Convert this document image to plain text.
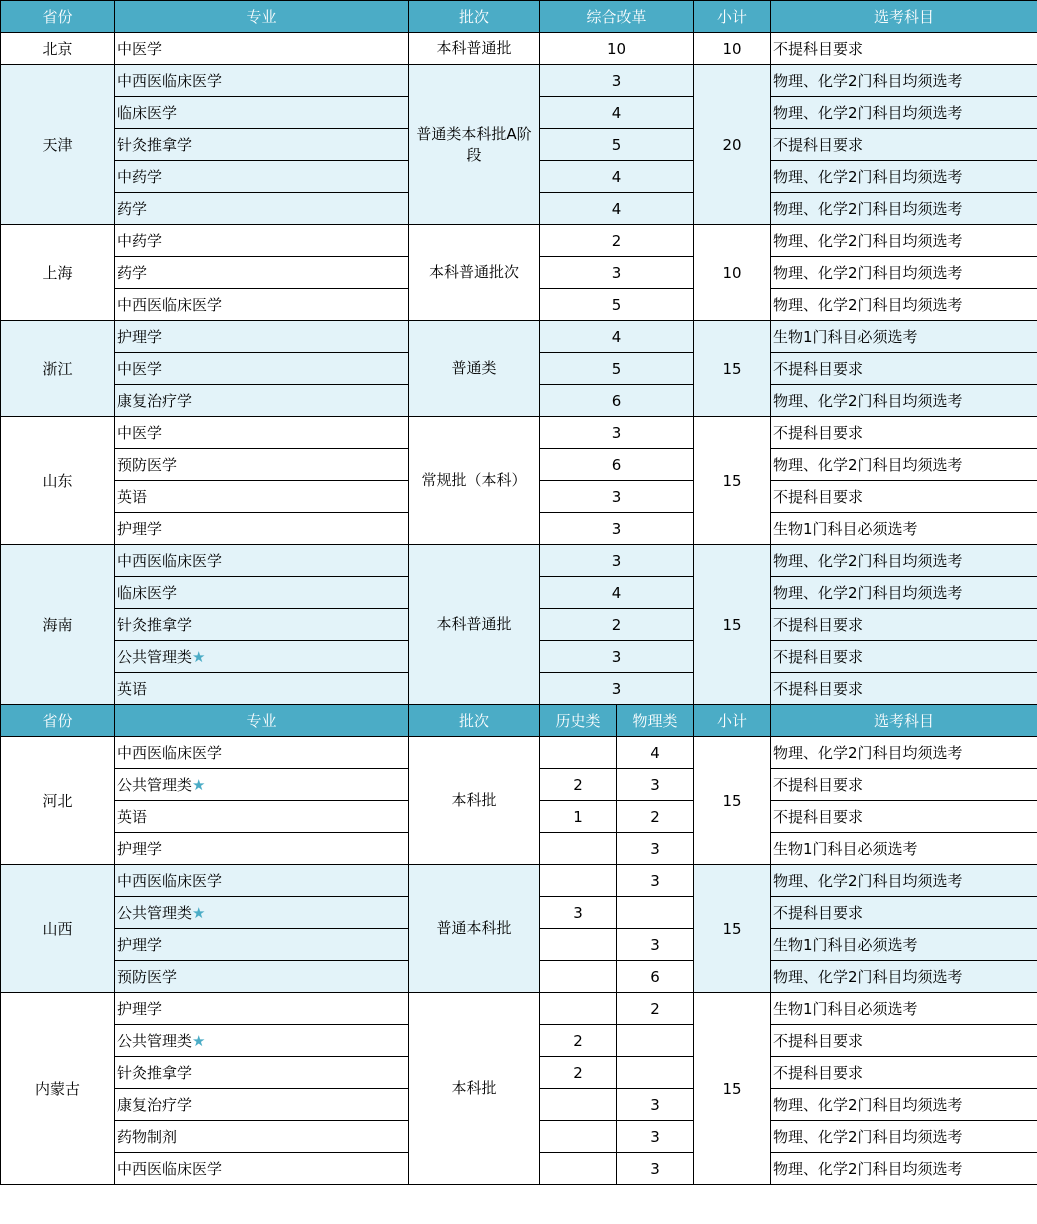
省份	专业	批次	综合改革		小计	选考科目
北京	中医学	本科普通批	10		10	不提科目要求
天津	中西医临床医学	普通类本科批A阶段	3		20	物理、化学2门科目均须选考
	临床医学		4			物理、化学2门科目均须选考
	针灸推拿学		5			不提科目要求
	中药学		4			物理、化学2门科目均须选考
	药学		4			物理、化学2门科目均须选考
上海	中药学	本科普通批次	2		10	物理、化学2门科目均须选考
	药学		3			物理、化学2门科目均须选考
	中西医临床医学		5			物理、化学2门科目均须选考
浙江	护理学	普通类	4		15	生物1门科目必须选考
	中医学		5			不提科目要求
	康复治疗学		6			物理、化学2门科目均须选考
山东	中医学	常规批（本科）	3		15	不提科目要求
	预防医学		6			物理、化学2门科目均须选考
	英语		3			不提科目要求
	护理学		3			生物1门科目必须选考
海南	中西医临床医学	本科普通批	3		15	物理、化学2门科目均须选考
	临床医学		4			物理、化学2门科目均须选考
	针灸推拿学		2			不提科目要求
	公共管理类★		3			不提科目要求
	英语		3			不提科目要求
省份	专业	批次	历史类	物理类	小计	选考科目
河北	中西医临床医学	本科批		4	15	物理、化学2门科目均须选考
	公共管理类★		2	3		不提科目要求
	英语		1	2		不提科目要求
	护理学			3		生物1门科目必须选考
山西	中西医临床医学	普通本科批		3	15	物理、化学2门科目均须选考
	公共管理类★		3			不提科目要求
	护理学			3		生物1门科目必须选考
	预防医学			6		物理、化学2门科目均须选考
内蒙古	护理学	本科批		2	15	生物1门科目必须选考
	公共管理类★		2			不提科目要求
	针灸推拿学		2			不提科目要求
	康复治疗学			3		物理、化学2门科目均须选考
	药物制剂			3		物理、化学2门科目均须选考
	中西医临床医学			3		物理、化学2门科目均须选考
